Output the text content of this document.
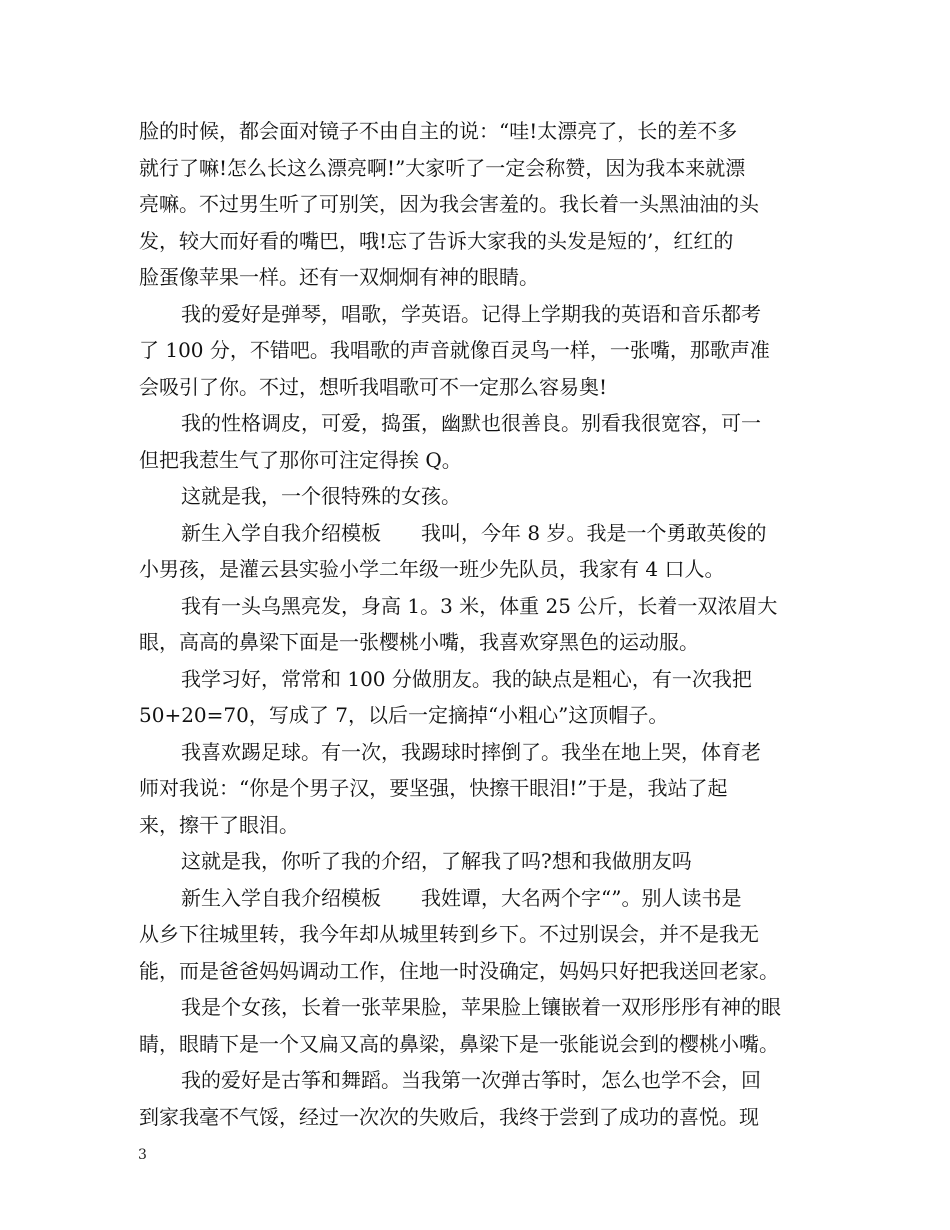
脸的时候，都会面对镜子不由自主的说：“哇!太漂亮了，长的差不多
就行了嘛!怎么长这么漂亮啊!”大家听了一定会称赞，因为我本来就漂
亮嘛。不过男生听了可别笑，因为我会害羞的。我长着一头黑油油的头
发，较大而好看的嘴巴，哦!忘了告诉大家我的头发是短的’，红红的
脸蛋像苹果一样。还有一双炯炯有神的眼睛。
我的爱好是弹琴，唱歌，学英语。记得上学期我的英语和音乐都考
了 100 分，不错吧。我唱歌的声音就像百灵鸟一样，一张嘴，那歌声准
会吸引了你。不过，想听我唱歌可不一定那么容易奥!
我的性格调皮，可爱，捣蛋，幽默也很善良。别看我很宽容，可一
但把我惹生气了那你可注定得挨 Q。
这就是我，一个很特殊的女孩。
新生入学自我介绍模板　　我叫，今年 8 岁。我是一个勇敢英俊的
小男孩，是灌云县实验小学二年级一班少先队员，我家有 4 口人。
我有一头乌黑亮发，身高 1。3 米，体重 25 公斤，长着一双浓眉大
眼，高高的鼻梁下面是一张樱桃小嘴，我喜欢穿黑色的运动服。
我学习好，常常和 100 分做朋友。我的缺点是粗心，有一次我把
50+20=70，写成了 7，以后一定摘掉“小粗心”这顶帽子。
我喜欢踢足球。有一次，我踢球时摔倒了。我坐在地上哭，体育老
师对我说：“你是个男子汉，要坚强，快擦干眼泪!”于是，我站了起
来，擦干了眼泪。
这就是我，你听了我的介绍，了解我了吗?想和我做朋友吗
新生入学自我介绍模板　　我姓谭，大名两个字“”。别人读书是
从乡下往城里转，我今年却从城里转到乡下。不过别误会，并不是我无
能，而是爸爸妈妈调动工作，住地一时没确定，妈妈只好把我送回老家。
我是个女孩，长着一张苹果脸，苹果脸上镶嵌着一双形彤彤有神的眼
睛，眼睛下是一个又扁又高的鼻梁，鼻梁下是一张能说会到的樱桃小嘴。
我的爱好是古筝和舞蹈。当我第一次弹古筝时，怎么也学不会，回
到家我毫不气馁，经过一次次的失败后，我终于尝到了成功的喜悦。现
3
